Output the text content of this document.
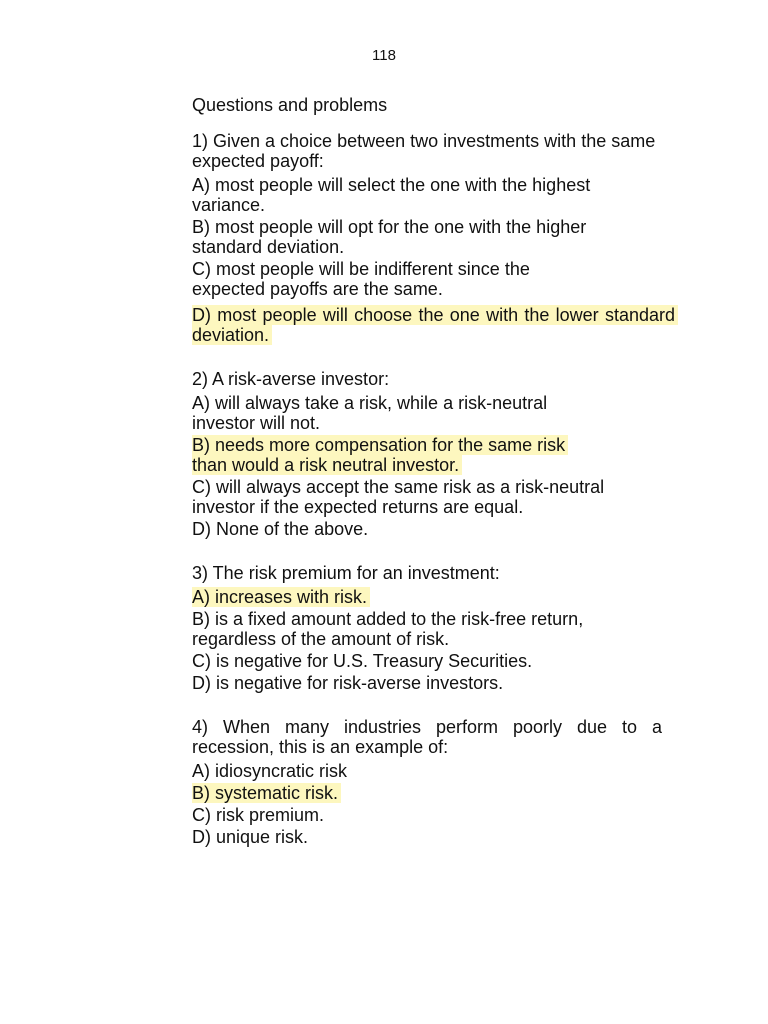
118
Questions and problems
1) Given a choice between two investments with the same expected payoff:
A) most people will select the one with the highest variance.
B) most people will opt for the one with the higher standard deviation.
C) most people will be indifferent since the expected payoffs are the same.
D) most people will choose the one with the lower standard deviation.
2) A risk-averse investor:
A) will always take a risk, while a risk-neutral investor will not.
B) needs more compensation for the same risk than would a risk neutral investor.
C) will always accept the same risk as a risk-neutral investor if the expected returns are equal.
D) None of the above.
3) The risk premium for an investment:
A) increases with risk.
B) is a fixed amount added to the risk-free return, regardless of the amount of risk.
C) is negative for U.S. Treasury Securities.
D) is negative for risk-averse investors.
4) When many industries perform poorly due to a recession, this is an example of:
A) idiosyncratic risk
B) systematic risk.
C) risk premium.
D) unique risk.
